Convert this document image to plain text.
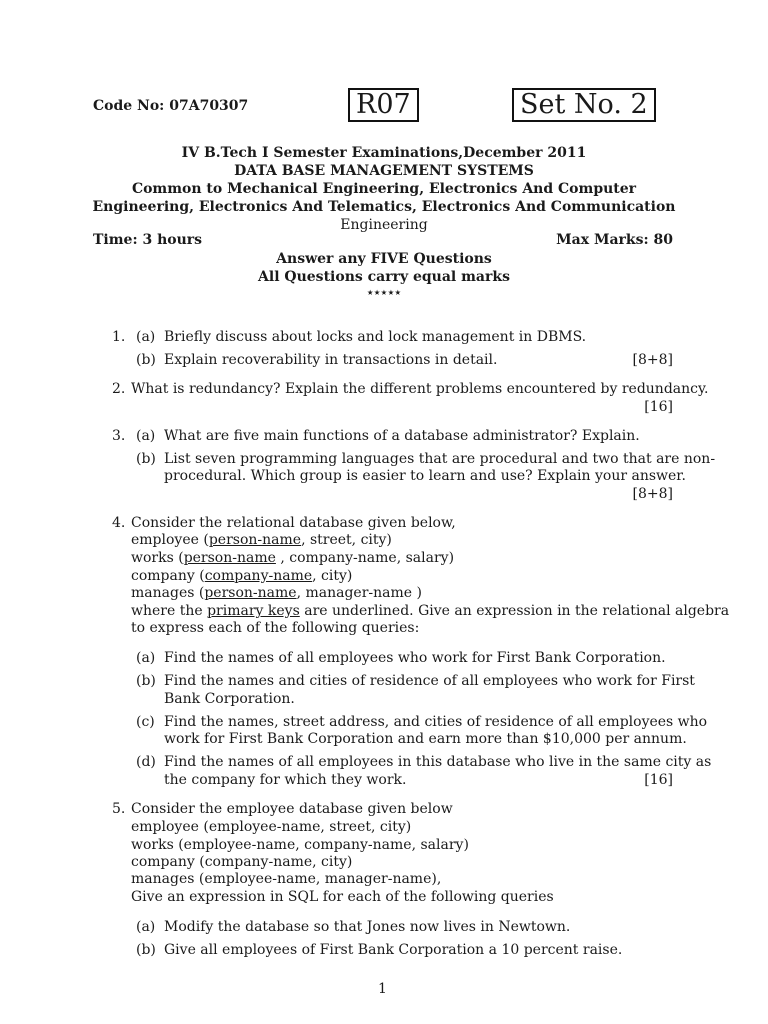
Code No: 07A70307	R07	Set No. 2
IV B.Tech I Semester Examinations,December 2011
DATA BASE MANAGEMENT SYSTEMS
Common to Mechanical Engineering, Electronics And Computer
Engineering, Electronics And Telematics, Electronics And Communication
Engineering
Time: 3 hours	Max Marks: 80
Answer any FIVE Questions
All Questions carry equal marks
⋆⋆⋆⋆⋆
1. (a) Briefly discuss about locks and lock management in DBMS.
(b) Explain recoverability in transactions in detail.	[8+8]
2. What is redundancy? Explain the different problems encountered by redundancy.
[16]
3. (a) What are five main functions of a database administrator? Explain.
(b) List seven programming languages that are procedural and two that are non-
procedural. Which group is easier to learn and use? Explain your answer.
[8+8]
4. Consider the relational database given below,
employee (person-name, street, city)
works (person-name , company-name, salary)
company (company-name, city)
manages (person-name, manager-name )
where the primary keys are underlined. Give an expression in the relational algebra
to express each of the following queries:
(a) Find the names of all employees who work for First Bank Corporation.
(b) Find the names and cities of residence of all employees who work for First
Bank Corporation.
(c) Find the names, street address, and cities of residence of all employees who
work for First Bank Corporation and earn more than $10,000 per annum.
(d) Find the names of all employees in this database who live in the same city as
the company for which they work.	[16]
5. Consider the employee database given below
employee (employee-name, street, city)
works (employee-name, company-name, salary)
company (company-name, city)
manages (employee-name, manager-name),
Give an expression in SQL for each of the following queries
(a) Modify the database so that Jones now lives in Newtown.
(b) Give all employees of First Bank Corporation a 10 percent raise.
1
